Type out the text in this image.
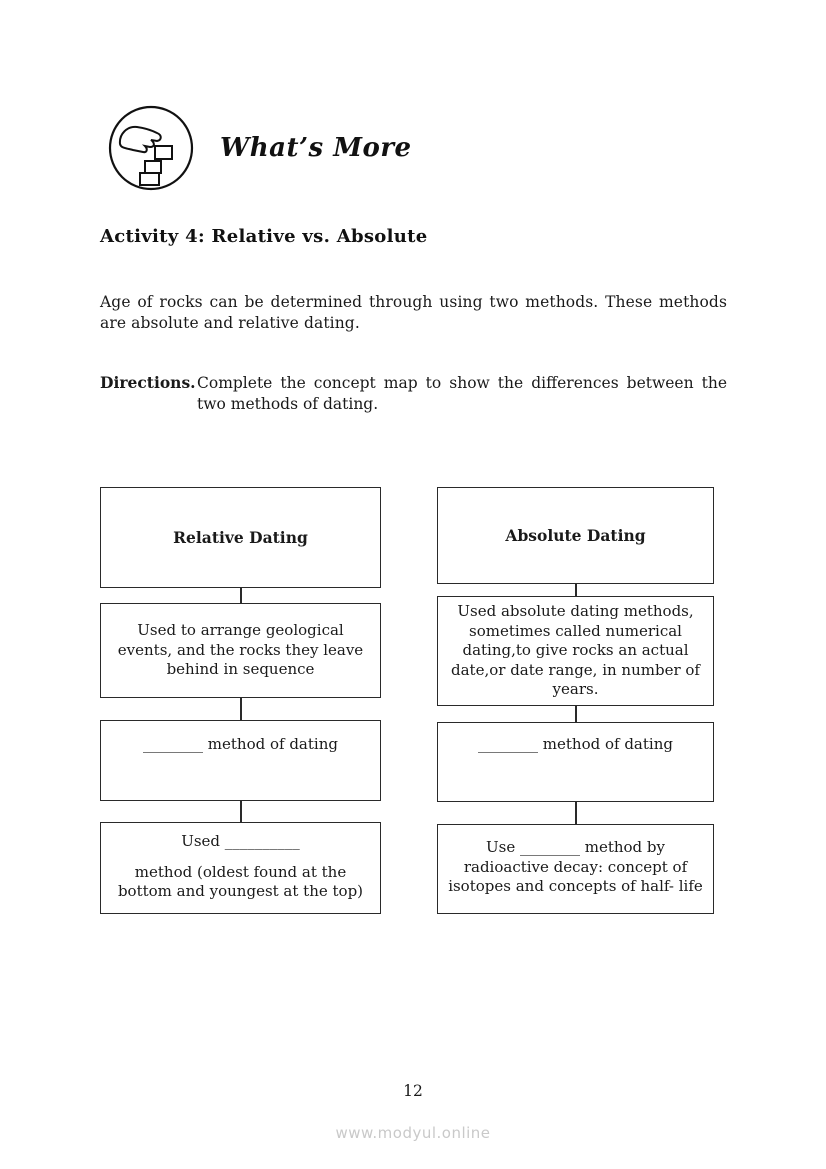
What’s More
Activity 4: Relative vs. Absolute
Age of rocks can be determined through using two methods. These methods are absolute and relative dating.
Directions. Complete the concept map to show the differences between the two methods of dating.
Relative Dating
Used to arrange geological events, and the rocks they leave behind in sequence
________ method of dating
Used __________
method (oldest found at the bottom and youngest at the top)
Absolute Dating
Used absolute dating methods, sometimes called numerical dating,to give rocks an actual date,or date range, in number of years.
________ method of dating
Use ________ method by radioactive decay: concept of isotopes and concepts of half- life
12
www.modyul.online
